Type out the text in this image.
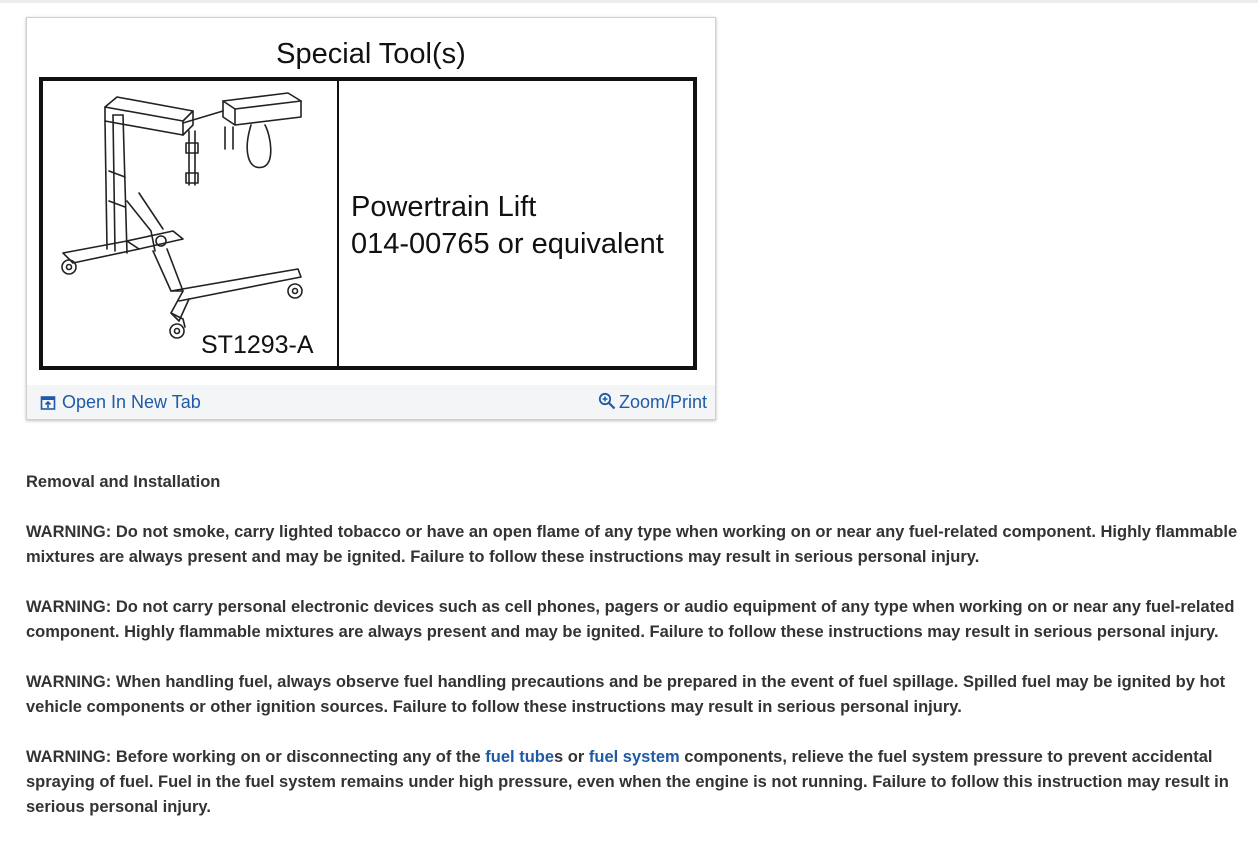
Special Tool(s)
ST1293-A
Powertrain Lift
014-00765 or equivalent
Open In New Tab	Zoom/Print

Removal and Installation

WARNING: Do not smoke, carry lighted tobacco or have an open flame of any type when working on or near any fuel-related component. Highly flammable mixtures are always present and may be ignited. Failure to follow these instructions may result in serious personal injury.

WARNING: Do not carry personal electronic devices such as cell phones, pagers or audio equipment of any type when working on or near any fuel-related component. Highly flammable mixtures are always present and may be ignited. Failure to follow these instructions may result in serious personal injury.

WARNING: When handling fuel, always observe fuel handling precautions and be prepared in the event of fuel spillage. Spilled fuel may be ignited by hot vehicle components or other ignition sources. Failure to follow these instructions may result in serious personal injury.

WARNING: Before working on or disconnecting any of the fuel tubes or fuel system components, relieve the fuel system pressure to prevent accidental spraying of fuel. Fuel in the fuel system remains under high pressure, even when the engine is not running. Failure to follow this instruction may result in serious personal injury.
